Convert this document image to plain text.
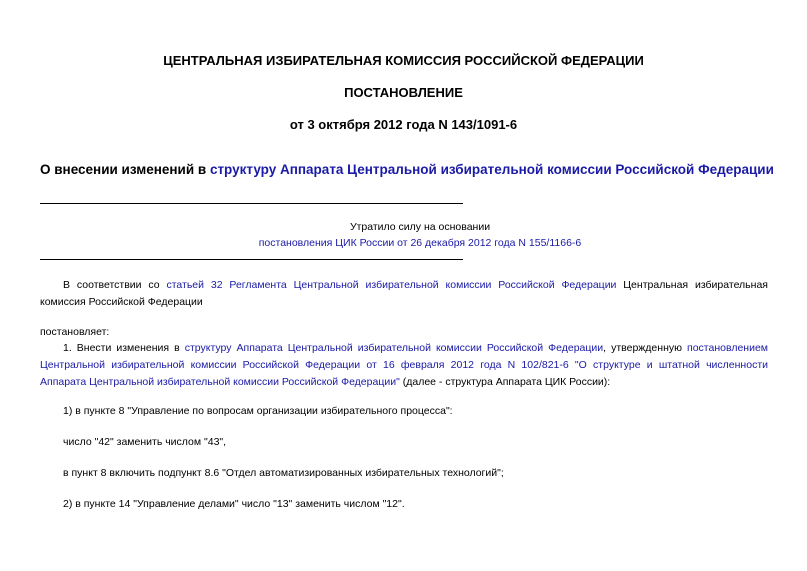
ЦЕНТРАЛЬНАЯ ИЗБИРАТЕЛЬНАЯ КОМИССИЯ РОССИЙСКОЙ ФЕДЕРАЦИИ
ПОСТАНОВЛЕНИЕ
от 3 октября 2012 года N 143/1091-6
О внесении изменений в структуру Аппарата Центральной избирательной комиссии Российской Федерации
Утратило силу на основании
постановления ЦИК России от 26 декабря 2012 года N 155/1166-6
В соответствии со статьей 32 Регламента Центральной избирательной комиссии Российской Федерации Центральная избирательная
комиссия Российской Федерации
постановляет:
1. Внести изменения в структуру Аппарата Центральной избирательной комиссии Российской Федерации, утвержденную постановлением
Центральной избирательной комиссии Российской Федерации от 16 февраля 2012 года N 102/821-6 "О структуре и штатной численности
Аппарата Центральной избирательной комиссии Российской Федерации" (далее - структура Аппарата ЦИК России):
1) в пункте 8 "Управление по вопросам организации избирательного процесса":
число "42" заменить числом "43",
в пункт 8 включить подпункт 8.6 "Отдел автоматизированных избирательных технологий";
2) в пункте 14 "Управление делами" число "13" заменить числом "12".
